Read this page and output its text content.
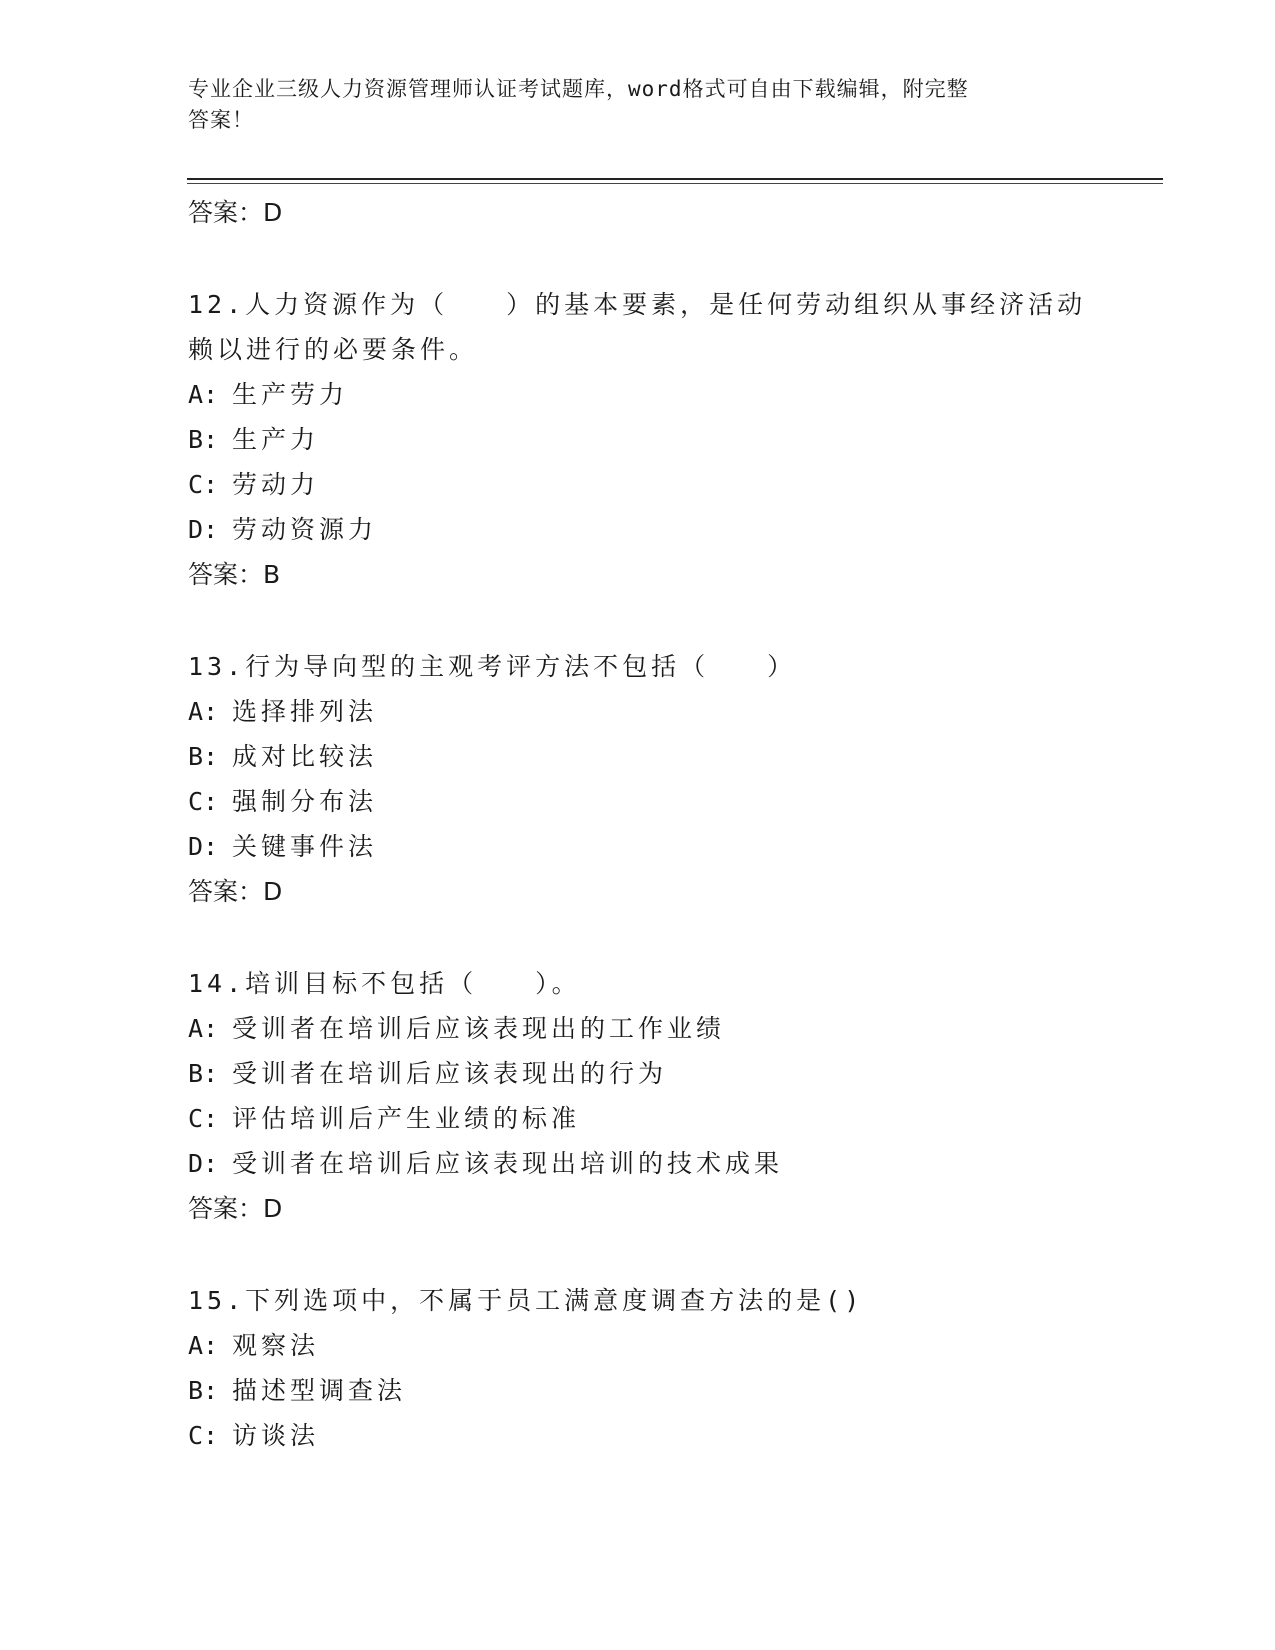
专业企业三级人力资源管理师认证考试题库，word格式可自由下载编辑，附完整
答案！
答案：D
12.人力资源作为（　　）的基本要素，是任何劳动组织从事经济活动赖以进行的必要条件。
A: 生产劳力
B: 生产力
C: 劳动力
D: 劳动资源力
答案：B
13.行为导向型的主观考评方法不包括（　　）
A: 选择排列法
B: 成对比较法
C: 强制分布法
D: 关键事件法
答案：D
14.培训目标不包括（　　）。
A: 受训者在培训后应该表现出的工作业绩
B: 受训者在培训后应该表现出的行为
C: 评估培训后产生业绩的标准
D: 受训者在培训后应该表现出培训的技术成果
答案：D
15.下列选项中，不属于员工满意度调查方法的是()
A: 观察法
B: 描述型调查法
C: 访谈法
